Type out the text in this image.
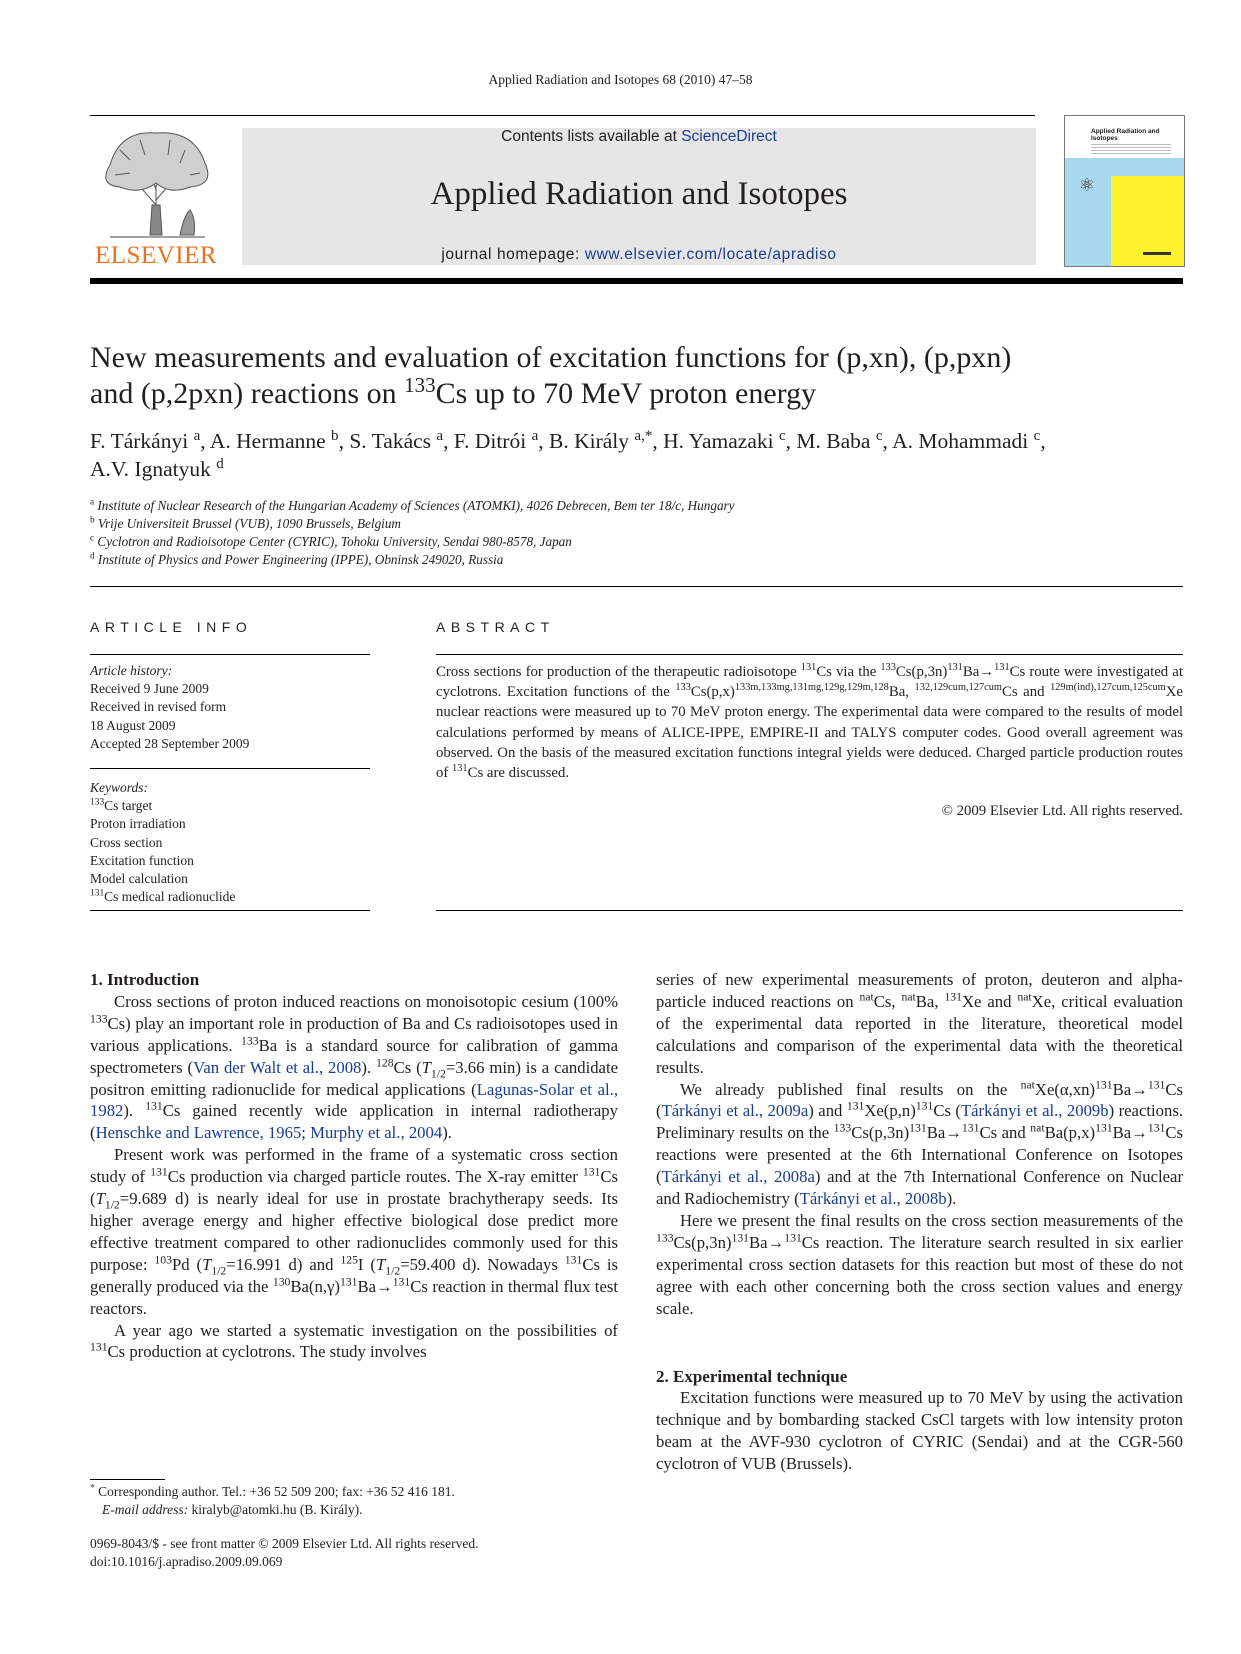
Applied Radiation and Isotopes 68 (2010) 47–58
ELSEVIER
Contents lists available at ScienceDirect
Applied Radiation and Isotopes
journal homepage: www.elsevier.com/locate/apradiso
Applied Radiation and Isotopes
⚛
New measurements and evaluation of excitation functions for (p,xn), (p,pxn)
and (p,2pxn) reactions on $^{133}$Cs up to 70 MeV proton energy
F. Tárkányi $^a$, A. Hermanne $^b$, S. Takács $^a$, F. Ditrói $^a$, B. Király $^{a,*}$, H. Yamazaki $^c$, M. Baba $^c$, A. Mohammadi $^c$,
A.V. Ignatyuk $^d$
$^a$ Institute of Nuclear Research of the Hungarian Academy of Sciences (ATOMKI), 4026 Debrecen, Bem ter 18/c, Hungary
$^b$ Vrije Universiteit Brussel (VUB), 1090 Brussels, Belgium
$^c$ Cyclotron and Radioisotope Center (CYRIC), Tohoku University, Sendai 980-8578, Japan
$^d$ Institute of Physics and Power Engineering (IPPE), Obninsk 249020, Russia
ARTICLE INFO	ABSTRACT
Article history:
Received 9 June 2009
Received in revised form
18 August 2009
Accepted 28 September 2009
Keywords:
$^{133}$Cs target
Proton irradiation
Cross section
Excitation function
Model calculation
$^{131}$Cs medical radionuclide
Cross sections for production of the therapeutic radioisotope $^{131}$Cs via the $^{133}Cs(p,3n)^{131}Ba\to^{131}Cs$ route were investigated at cyclotrons. Excitation functions of the $^{133}Cs(p,x)^{133m,133mg,131mg,129g,129m,128}Ba$, $^{132,129cum,127cum}$Cs and $^{129m(ind),127cum,125cum}$Xe nuclear reactions were measured up to 70 MeV proton energy. The experimental data were compared to the results of model calculations performed by means of ALICE-IPPE, EMPIRE-II and TALYS computer codes. Good overall agreement was observed. On the basis of the measured excitation functions integral yields were deduced. Charged particle production routes of $^{131}$Cs are discussed.
© 2009 Elsevier Ltd. All rights reserved.

1. Introduction

Cross sections of proton induced reactions on monoisotopic cesium (100% $^{133}$Cs) play an important role in production of Ba and Cs radioisotopes used in various applications. $^{133}$Ba is a standard source for calibration of gamma spectrometers (Van der Walt et al., 2008). $^{128}$Cs ($T_{1/2}=3.66$ min) is a candidate positron emitting radionuclide for medical applications (Lagunas-Solar et al., 1982). $^{131}$Cs gained recently wide application in internal radiotherapy (Henschke and Lawrence, 1965; Murphy et al., 2004).

Present work was performed in the frame of a systematic cross section study of $^{131}$Cs production via charged particle routes. The X-ray emitter $^{131}$Cs ($T_{1/2}=9.689$ d) is nearly ideal for use in prostate brachytherapy seeds. Its higher average energy and higher effective biological dose predict more effective treatment compared to other radionuclides commonly used for this purpose: $^{103}$Pd ($T_{1/2}=16.991$ d) and $^{125}$I ($T_{1/2}=59.400$ d). Nowadays $^{131}$Cs is generally produced via the $^{130}Ba(n,\gamma)^{131}Ba\to^{131}Cs$ reaction in thermal flux test reactors.

A year ago we started a systematic investigation on the possibilities of $^{131}$Cs production at cyclotrons. The study involves

series of new experimental measurements of proton, deuteron and alpha-particle induced reactions on $^{nat}$Cs, $^{nat}$Ba, $^{131}$Xe and $^{nat}$Xe, critical evaluation of the experimental data reported in the literature, theoretical model calculations and comparison of the experimental data with the theoretical results.

We already published final results on the $^{nat}Xe(\alpha,xn)^{131}Ba\to^{131}Cs$ (Tárkányi et al., 2009a) and $^{131}Xe(p,n)^{131}Cs$ (Tárkányi et al., 2009b) reactions. Preliminary results on the $^{133}Cs(p,3n)^{131}Ba\to^{131}Cs$ and $^{nat}Ba(p,x)^{131}Ba\to^{131}Cs$ reactions were presented at the 6th International Conference on Isotopes (Tárkányi et al., 2008a) and at the 7th International Conference on Nuclear and Radiochemistry (Tárkányi et al., 2008b).

Here we present the final results on the cross section measurements of the $^{133}Cs(p,3n)^{131}Ba\to^{131}Cs$ reaction. The literature search resulted in six earlier experimental cross section datasets for this reaction but most of these do not agree with each other concerning both the cross section values and energy scale.

2. Experimental technique

Excitation functions were measured up to 70 MeV by using the activation technique and by bombarding stacked CsCl targets with low intensity proton beam at the AVF-930 cyclotron of CYRIC (Sendai) and at the CGR-560 cyclotron of VUB (Brussels).

* Corresponding author. Tel.: +36 52 509 200; fax: +36 52 416 181.
E-mail address: kiralyb@atomki.hu (B. Király).
0969-8043/$ - see front matter © 2009 Elsevier Ltd. All rights reserved.
doi:10.1016/j.apradiso.2009.09.069
